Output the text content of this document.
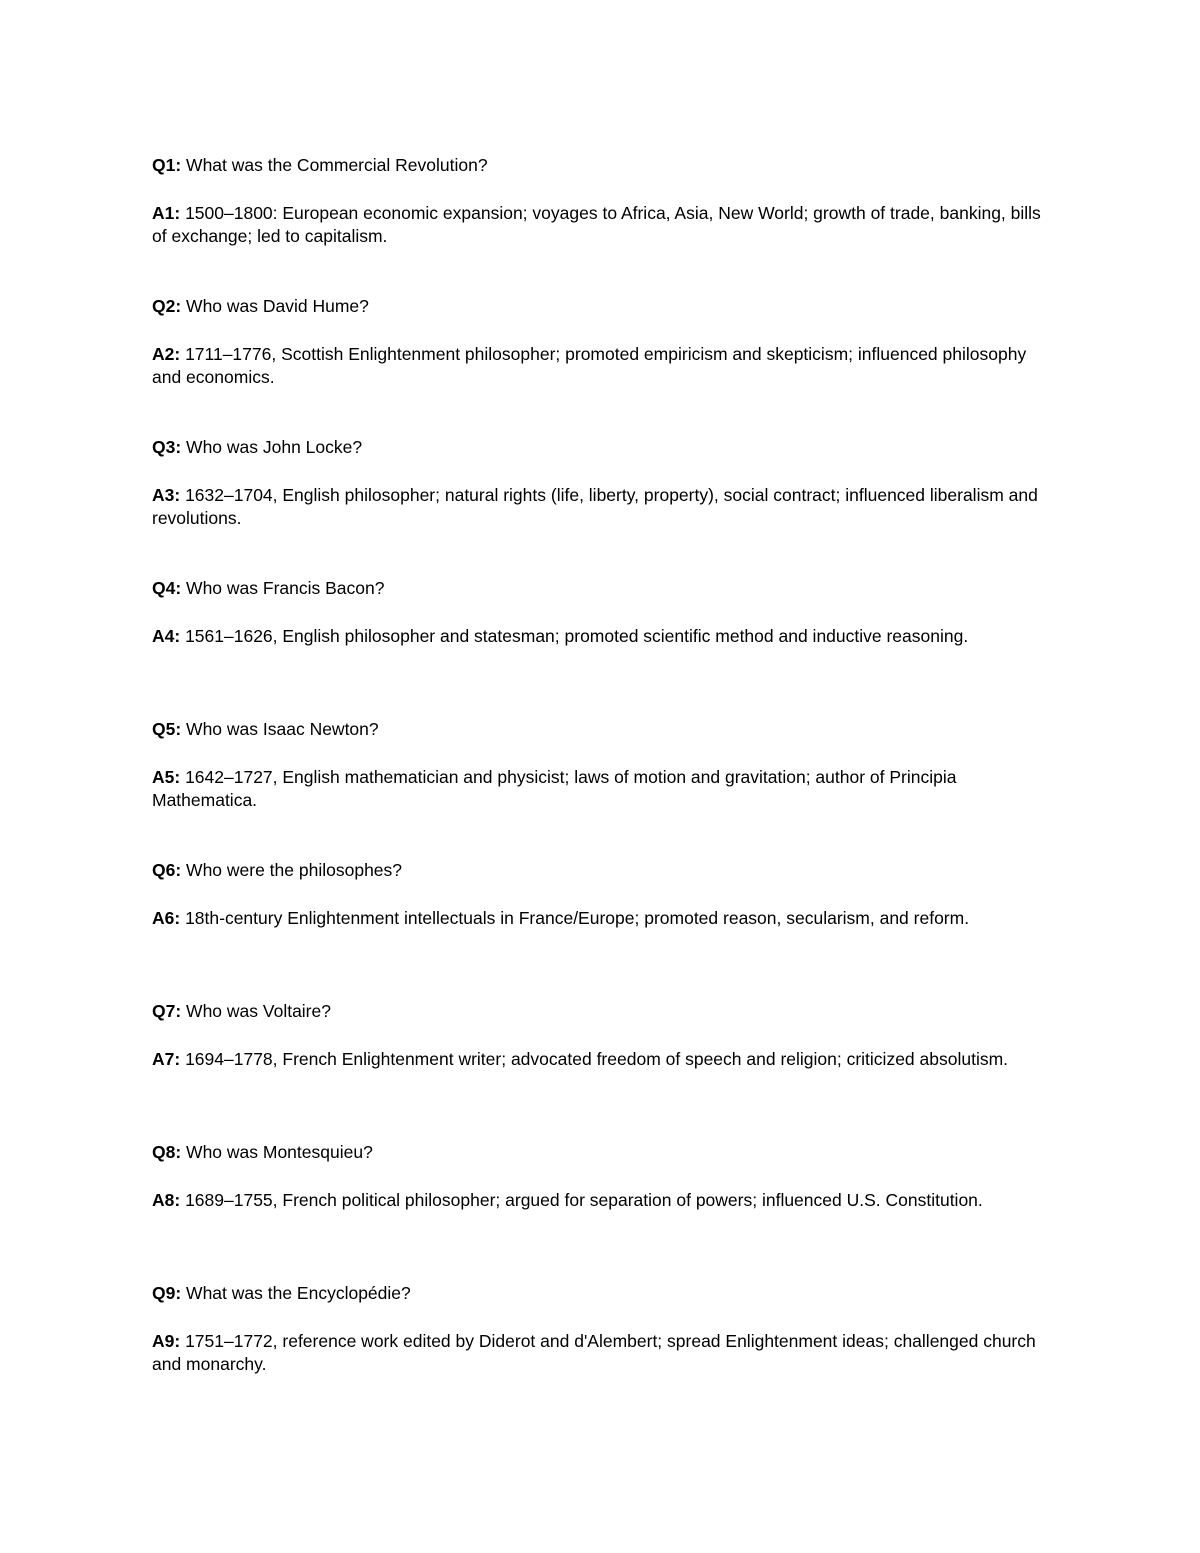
Q1: What was the Commercial Revolution?

A1: 1500–1800: European economic expansion; voyages to Africa, Asia, New World; growth of trade, banking, bills of exchange; led to capitalism.

Q2: Who was David Hume?

A2: 1711–1776, Scottish Enlightenment philosopher; promoted empiricism and skepticism; influenced philosophy and economics.

Q3: Who was John Locke?

A3: 1632–1704, English philosopher; natural rights (life, liberty, property), social contract; influenced liberalism and revolutions.

Q4: Who was Francis Bacon?

A4: 1561–1626, English philosopher and statesman; promoted scientific method and inductive reasoning.

Q5: Who was Isaac Newton?

A5: 1642–1727, English mathematician and physicist; laws of motion and gravitation; author of Principia Mathematica.

Q6: Who were the philosophes?

A6: 18th-century Enlightenment intellectuals in France/Europe; promoted reason, secularism, and reform.

Q7: Who was Voltaire?

A7: 1694–1778, French Enlightenment writer; advocated freedom of speech and religion; criticized absolutism.

Q8: Who was Montesquieu?

A8: 1689–1755, French political philosopher; argued for separation of powers; influenced U.S. Constitution.

Q9: What was the Encyclopédie?

A9: 1751–1772, reference work edited by Diderot and d'Alembert; spread Enlightenment ideas; challenged church and monarchy.
